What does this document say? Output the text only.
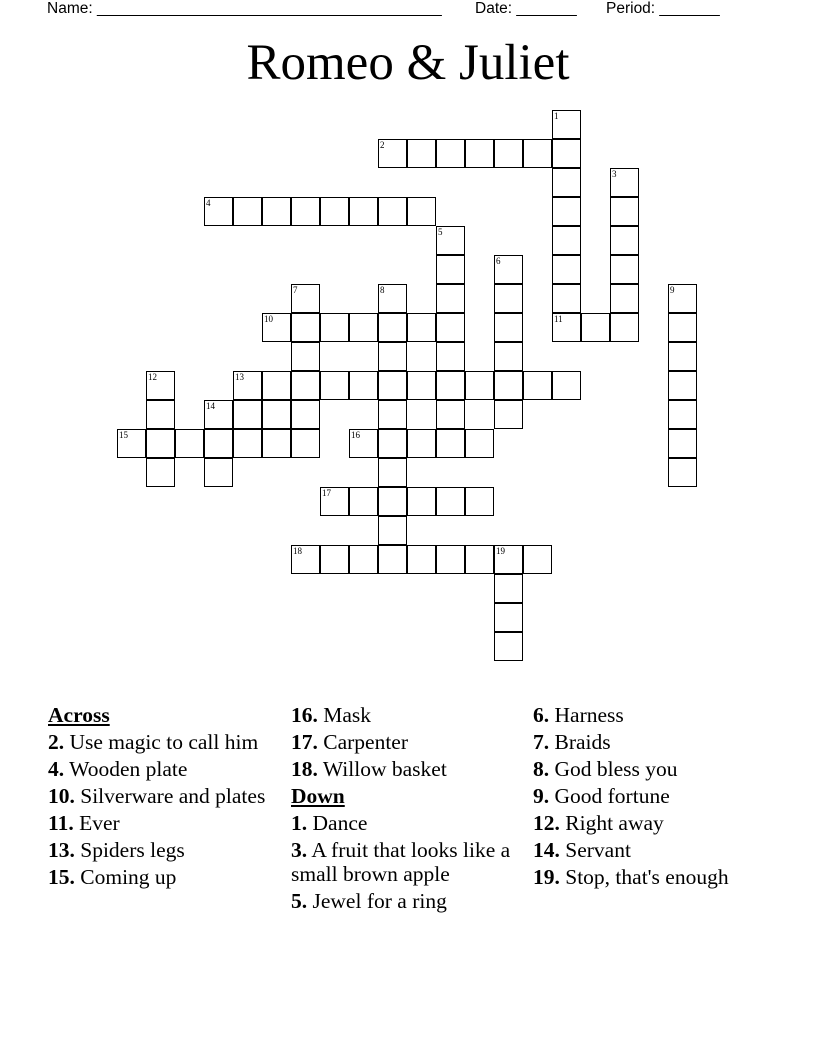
Name: ________________________________________ Date: _______ Period: _______
Romeo & Juliet
1
2
3
4
5
6
7	8	9
10	11
12	13
14
15	16
17
18	19
Across
2. Use magic to call him
4. Wooden plate
10. Silverware and plates
11. Ever
13. Spiders legs
15. Coming up
16. Mask
17. Carpenter
18. Willow basket
Down
1. Dance
3. A fruit that looks like a small brown apple
5. Jewel for a ring
6. Harness
7. Braids
8. God bless you
9. Good fortune
12. Right away
14. Servant
19. Stop, that's enough
